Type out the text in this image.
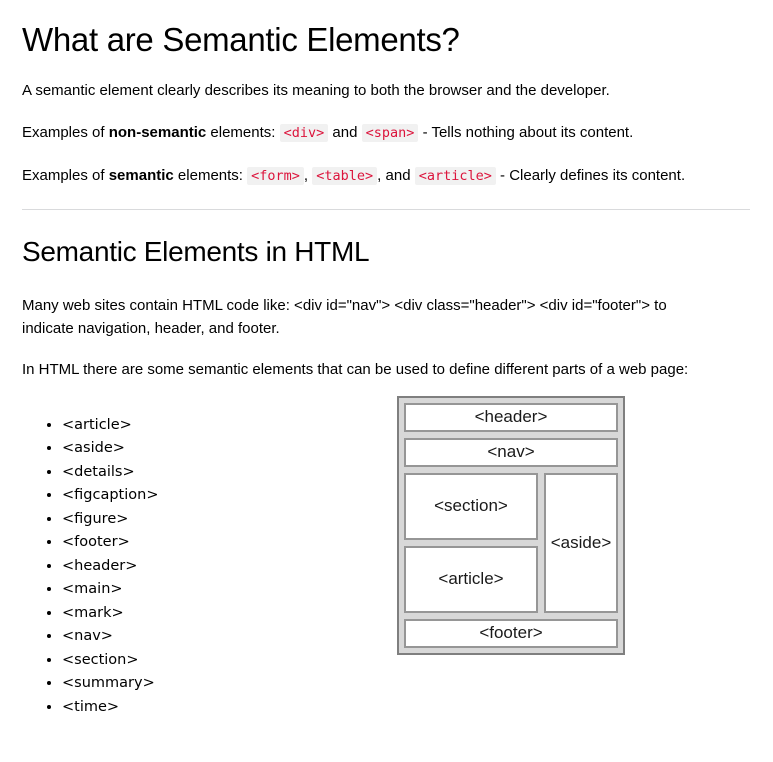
What are Semantic Elements?

A semantic element clearly describes its meaning to both the browser and the developer.

Examples of non-semantic elements: <div> and <span> - Tells nothing about its content.

Examples of semantic elements: <form> , <table> , and <article> - Clearly defines its content.

Semantic Elements in HTML

Many web sites contain HTML code like: <div id="nav"> <div class="header"> <div id="footer"> to indicate navigation, header, and footer.

In HTML there are some semantic elements that can be used to define different parts of a web page:

• <article>
• <aside>
• <details>
• <figcaption>
• <figure>
• <footer>
• <header>
• <main>
• <mark>
• <nav>
• <section>
• <summary>
• <time>
<header>
<nav>
<section>
<article>
<aside>
<footer>
